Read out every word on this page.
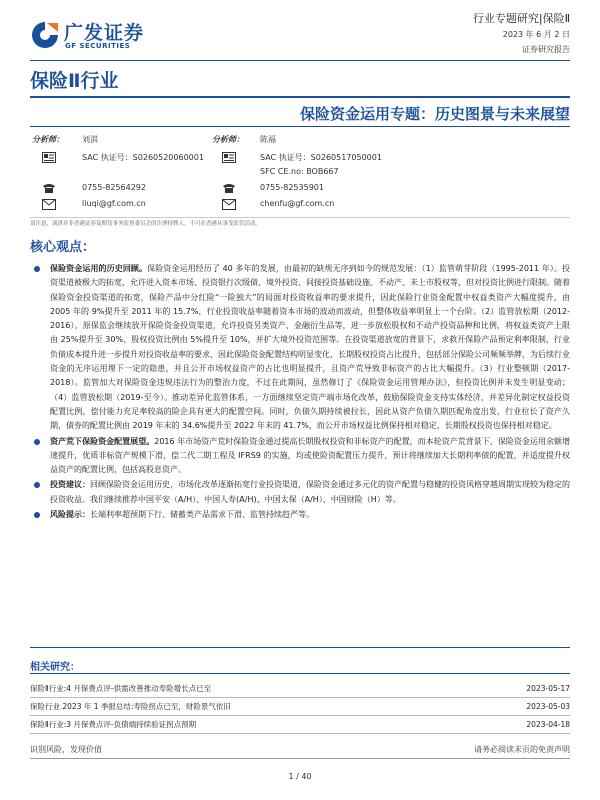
广发证券
GF SECURITIES
行业专题研究|保险Ⅱ
2023 年 6 月 2 日
证券研究报告
保险Ⅱ行业
保险资金运用专题：历史图景与未来展望
分析师： 刘淇
SAC 执证号：S0260520060001
0755-82564292
liuqi@gf.com.cn
分析师： 陈福
SAC 执证号：S0260517050001
SFC CE.no: BOB667
0755-82535901
chenfu@gf.com.cn
请注意，刘淇并非香港证券及期货事务监察委员会的注册持牌人，不可在香港从事受监管活动。
核心观点：
保险资金运用的历史回顾。保险资金运用经历了 40 多年的发展，由最初的缺规无序到如今的规范发展：（1）监管萌芽阶段（1995-2011 年）。投资渠道被极大的拓宽，允许进入资本市场、投资银行次级债、境外投资、间接投资基础设施、不动产、未上市股权等，但对投资比例进行限制。随着保险资金投资渠道的拓宽，保险产品中分红险“一险独大”的局面对投资收益率的要求提升，因此保险行业资金配置中权益类资产大幅度提升，由 2005 年的 9%提升至 2011 年的 15.7%，行业投资收益率随着资本市场的波动而波动，但整体收益率明显上一个台阶。（2）监管放松期（2012-2016）。原保监会继续放开保险资金投资渠道，允许投资另类资产、金融衍生品等，进一步放松股权和不动产投资品种和比例，将权益类资产上限由 25%提升至 30%、股权投资比例由 5%提升至 10%，并扩大境外投资范围等。在投资渠道放宽的背景下，求救开保险产品预定利率限制，行业负债成本提升进一步提升对投资收益率的要求，因此保险资金配置结构明显变化，长期股权投资占比提升，包括部分保险公司频频举牌，为后续行业资金的无序运用埋下一定的隐患，并且公开市场权益资产的占比也明显提升，且资产荒导致非标资产的占比大幅提升。（3）行业整顿期（2017-2018）。监管加大对保险资金违规违法行为的整治力度，不过在此期间，虽然修订了《保险资金运用管理办法》，但投资比例并未发生明显变动；（4）监管放松期（2019-至今）。推动差异化监管体系，一方面继续坚定资产端市场化改革，鼓励保险资金支持实体经济，并差异化制定权益投资配置比例，偿付能力充足率较高的险企具有更大的配置空间。同时，负债久期持续被拉长，因此从资产负债久期匹配角度出发，行业拉长了资产久期，债券的配置比例由 2019 年末的 34.6%提升至 2022 年末的 41.7%，而公开市场权益比例保持相对稳定，长期股权投资也保持相对稳定。
资产荒下保险资金配置展望。2016 年市场资产荒时保险资金通过提高长期股权投资和非标资产的配置，而本轮资产荒背景下，保险资金运用余额增速提升，优质非标资产规模下滑，偿二代二期工程及 IFRS9 的实施，均或使险资配置压力提升，预计将继续加大长期利率债的配置，并适度提升权益资产的配置比例，包括高股息资产。
投资建议：回顾保险资金运用历史，市场化改革逐渐拓宽行业投资渠道，保险资金通过多元化的资产配置与稳健的投资风格穿越周期实现较为稳定的投资收益。我们继续推荐中国平安（A/H）、中国人寿(A/H)、中国太保（A/H）、中国财险（H）等。
风险提示：长端利率超预期下行、储蓄类产品需求下滑、监管持续趋严等。
相关研究：
保险Ⅱ行业:4 月保费点评-供需改善推动寿险增长点已至	2023-05-17
保险行业 2023 年 1 季报总结:寿险拐点已至，财险景气依旧	2023-05-03
保险Ⅱ行业:3 月保费点评-负债端持续验证拐点预期	2023-04-18
识别风险，发现价值	请务必阅读末页的免责声明
1 / 40
